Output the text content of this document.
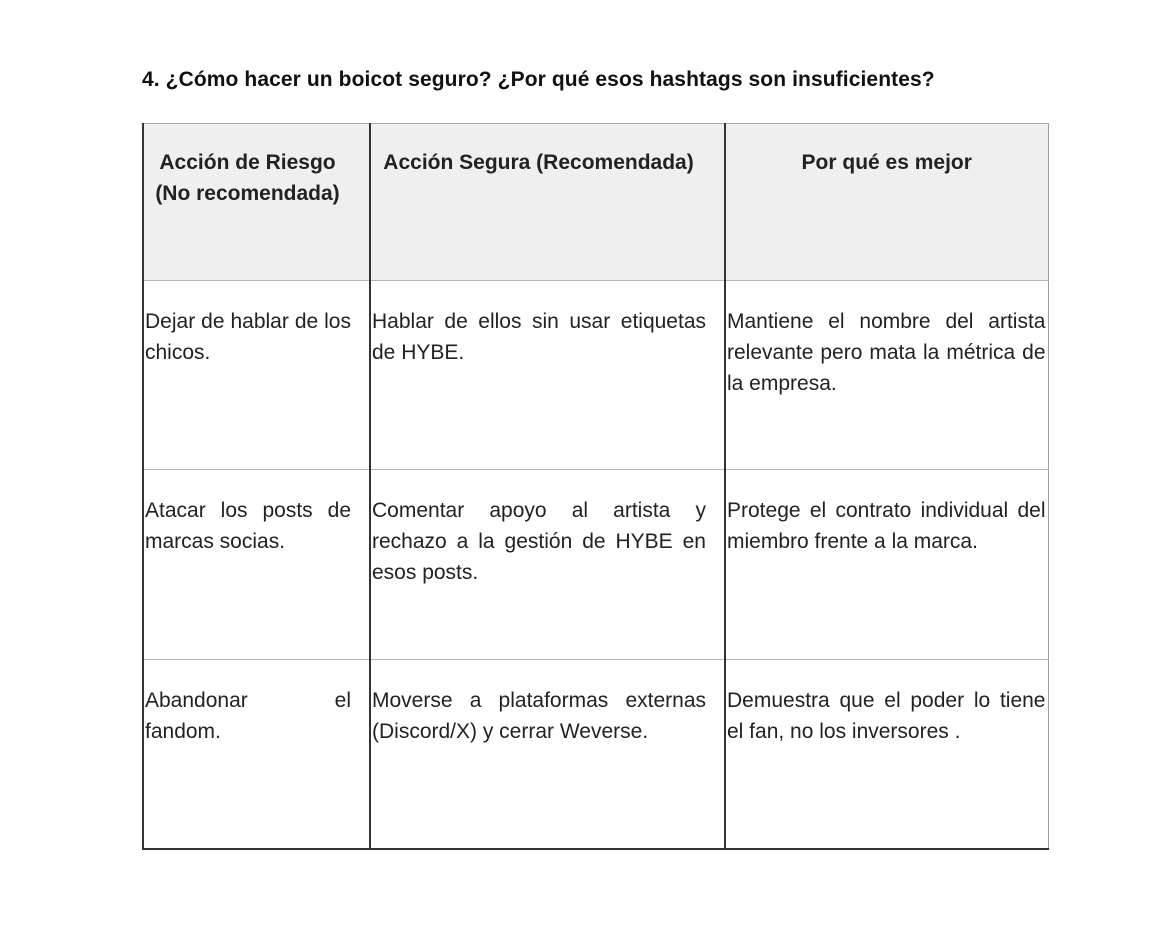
4. ¿Cómo hacer un boicot seguro? ¿Por qué esos hashtags son insuficientes?
Acción de Riesgo (No recomendada)	Acción Segura (Recomendada)	Por qué es mejor
Dejar de hablar de los chicos.	Hablar de ellos sin usar etiquetas de HYBE.	Mantiene el nombre del artista relevante pero mata la métrica de la empresa.
Atacar los posts de marcas socias.	Comentar apoyo al artista y rechazo a la gestión de HYBE en esos posts.	Protege el contrato individual del miembro frente a la marca.
Abandonar el fandom.	Moverse a plataformas externas (Discord/X) y cerrar Weverse.	Demuestra que el poder lo tiene el fan, no los inversores .
